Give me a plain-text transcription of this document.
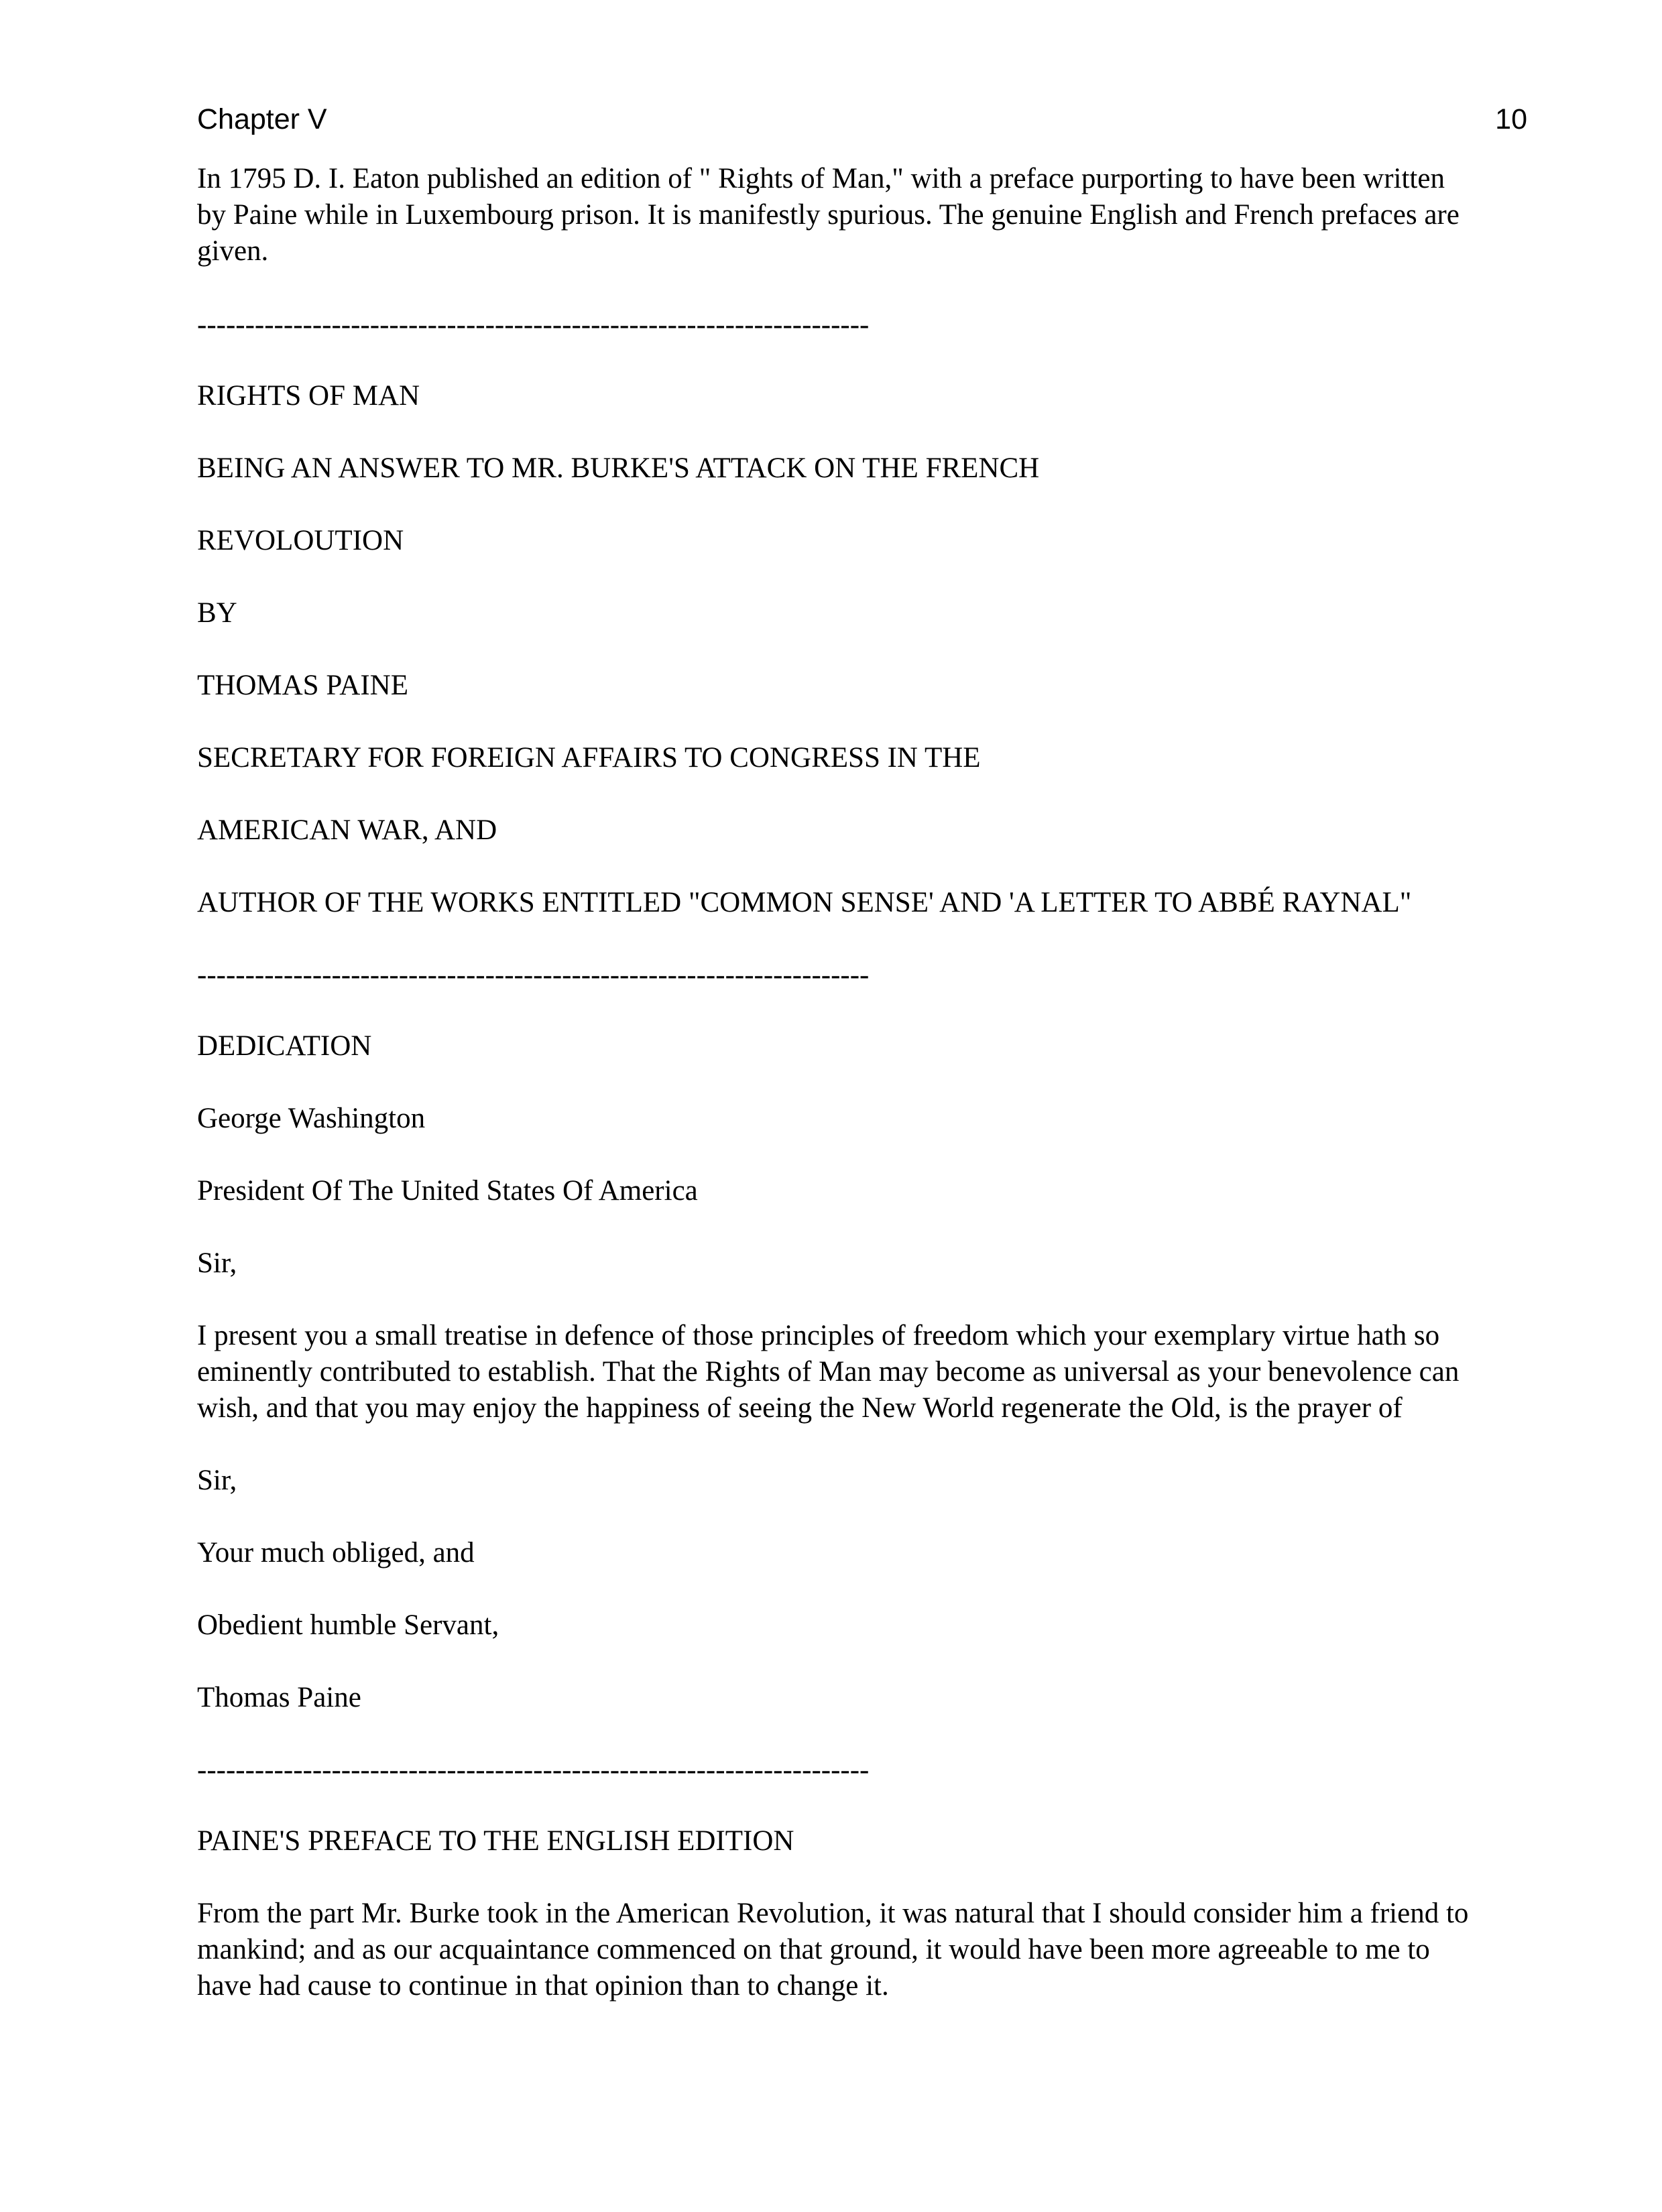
Chapter V	10

In 1795 D. I. Eaton published an edition of " Rights of Man," with a preface purporting to have been written
by Paine while in Luxembourg prison. It is manifestly spurious. The genuine English and French prefaces are
given.

----------------------------------------------------------------------

RIGHTS OF MAN

BEING AN ANSWER TO MR. BURKE'S ATTACK ON THE FRENCH

REVOLOUTION

BY

THOMAS PAINE

SECRETARY FOR FOREIGN AFFAIRS TO CONGRESS IN THE

AMERICAN WAR, AND

AUTHOR OF THE WORKS ENTITLED "COMMON SENSE' AND 'A LETTER TO ABBÉ RAYNAL"

----------------------------------------------------------------------

DEDICATION

George Washington

President Of The United States Of America

Sir,

I present you a small treatise in defence of those principles of freedom which your exemplary virtue hath so
eminently contributed to establish. That the Rights of Man may become as universal as your benevolence can
wish, and that you may enjoy the happiness of seeing the New World regenerate the Old, is the prayer of

Sir,

Your much obliged, and

Obedient humble Servant,

Thomas Paine

----------------------------------------------------------------------

PAINE'S PREFACE TO THE ENGLISH EDITION

From the part Mr. Burke took in the American Revolution, it was natural that I should consider him a friend to
mankind; and as our acquaintance commenced on that ground, it would have been more agreeable to me to
have had cause to continue in that opinion than to change it.
